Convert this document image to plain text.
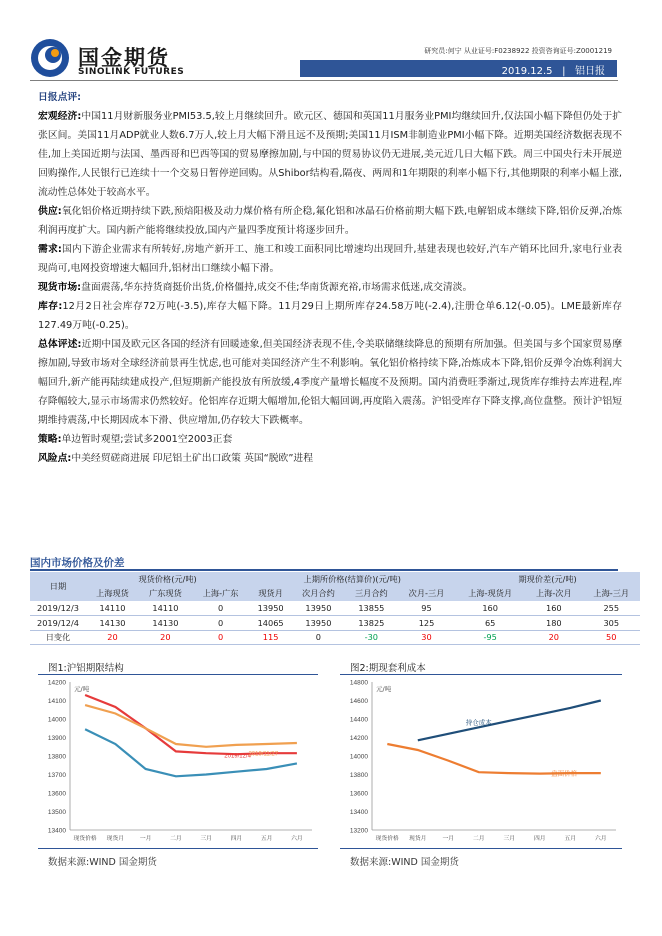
国金期货
SINOLINK FUTURES
研究员:何宁 从业证号:F0238922 投资咨询证号:Z0001219
2019.12.5   |   铝日报
日报点评:

宏观经济:中国11月财新服务业PMI53.5,较上月继续回升。欧元区、德国和英国11月服务业PMI均继续回升,仅法国小幅下降但仍处于扩张区间。美国11月ADP就业人数6.7万人,较上月大幅下滑且远不及预期;美国11月ISM非制造业PMI小幅下降。近期美国经济数据表现不佳,加上美国近期与法国、墨西哥和巴西等国的贸易摩擦加剧,与中国的贸易协议仍无进展,美元近几日大幅下跌。周三中国央行未开展逆回购操作,人民银行已连续十一个交易日暂停逆回购。从Shibor结构看,隔夜、两周和1年期限的利率小幅下行,其他期限的利率小幅上涨,流动性总体处于较高水平。

供应:氧化铝价格近期持续下跌,预焙阳极及动力煤价格有所企稳,氟化铝和冰晶石价格前期大幅下跌,电解铝成本继续下降,铝价反弹,冶炼利润再度扩大。国内新产能将继续投放,国内产量四季度预计将逐步回升。

需求:国内下游企业需求有所转好,房地产新开工、施工和竣工面积同比增速均出现回升,基建表现也较好,汽车产销环比回升,家电行业表现尚可,电网投资增速大幅回升,铝材出口继续小幅下滑。

现货市场:盘面震荡,华东持货商挺价出货,价格僵持,成交不佳;华南货源充裕,市场需求低迷,成交清淡。

库存:12月2日社会库存72万吨(-3.5),库存大幅下降。11月29日上期所库存24.58万吨(-2.4),注册仓单6.12(-0.05)。LME最新库存127.49万吨(-0.25)。

总体评述:近期中国及欧元区各国的经济有回暖迹象,但美国经济表现不佳,令美联储继续降息的预期有所加强。但美国与多个国家贸易摩擦加剧,导致市场对全球经济前景再生忧虑,也可能对美国经济产生不利影响。氧化铝价格持续下降,冶炼成本下降,铝价反弹令冶炼利润大幅回升,新产能再陆续建成投产,但短期新产能投放有所放缓,4季度产量增长幅度不及预期。国内消费旺季渐过,现货库存维持去库进程,库存降幅较大,显示市场需求仍然较好。伦铝库存近期大幅增加,伦铝大幅回调,再度陷入震荡。沪铝受库存下降支撑,高位盘整。预计沪铝短期维持震荡,中长期因成本下滑、供应增加,仍存较大下跌概率。

策略:单边暂时观望;尝试多2001空2003正套

风险点:中美经贸磋商进展 印尼铝土矿出口政策 英国“脱欧”进程

国内市场价格及价差
日期	现货价格(元/吨)			上期所价格(结算价)(元/吨)				期现价差(元/吨)		
	上海现货	广东现货	上海-广东	现货月	次月合约	三月合约	次月-三月	上海-现货月	上海-次月	上海-三月
2019/12/3	14110	14110	0	13950	13950	13855	95	160	160	255
2019/12/4	14130	14130	0	14065	13950	13825	125	65	180	305
日变化	20	20	0	115	0	-30	30	-95	20	50
图1:沪铝期限结构
13400
13500
13600
13700
13800
13900
14000
14100
14200
元/吨
现货价格 现货月	一月	二月	三月	四月	五月	六月
2019/12/4
2019/11/27
数据来源:WIND 国金期货
图2:期现套利成本
13200
13400
13600
13800
14000
14200
14400
14600
14800
元/吨
现货价格 现货月	一月	二月	三月	四月	五月	六月
持仓成本
盘面价格
数据来源:WIND 国金期货
